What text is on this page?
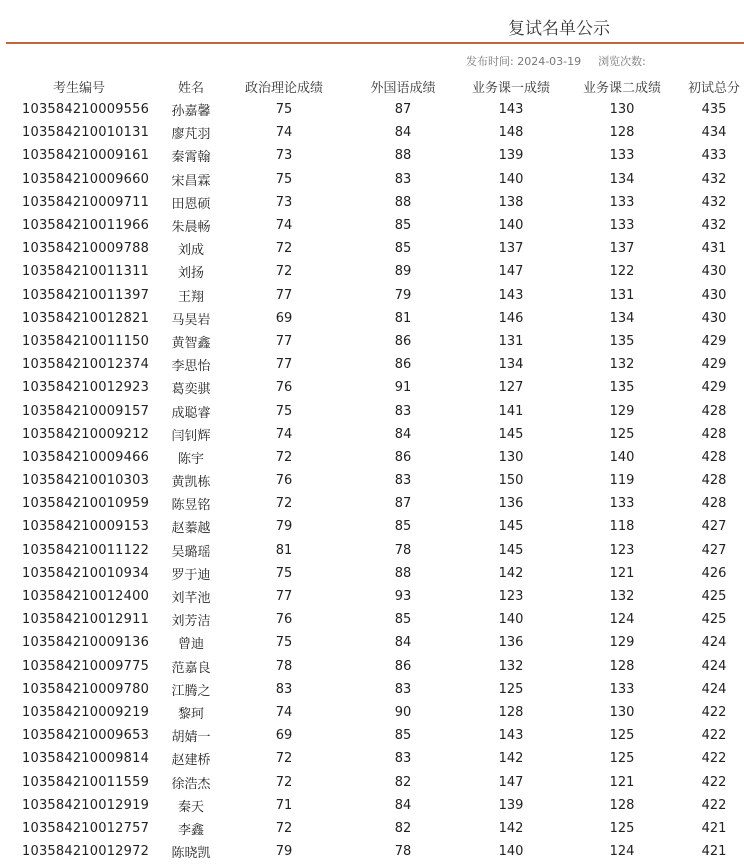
复试名单公示
发布时间: 2024-03-19 浏览次数:
考生编号	姓名	政治理论成绩	外国语成绩	业务课一成绩	业务课二成绩	初试总分
103584210009556	孙嘉馨	75	87	143	130	435
103584210010131	廖芃羽	74	84	148	128	434
103584210009161	秦霄翰	73	88	139	133	433
103584210009660	宋昌霖	75	83	140	134	432
103584210009711	田恩硕	73	88	138	133	432
103584210011966	朱晨畅	74	85	140	133	432
103584210009788	刘成	72	85	137	137	431
103584210011311	刘扬	72	89	147	122	430
103584210011397	王翔	77	79	143	131	430
103584210012821	马昊岩	69	81	146	134	430
103584210011150	黄智鑫	77	86	131	135	429
103584210012374	李思怡	77	86	134	132	429
103584210012923	葛奕骐	76	91	127	135	429
103584210009157	成聪睿	75	83	141	129	428
103584210009212	闫钊辉	74	84	145	125	428
103584210009466	陈宇	72	86	130	140	428
103584210010303	黄凯栋	76	83	150	119	428
103584210010959	陈昱铭	72	87	136	133	428
103584210009153	赵蓁越	79	85	145	118	427
103584210011122	吴璐瑶	81	78	145	123	427
103584210010934	罗于迪	75	88	142	121	426
103584210012400	刘芊池	77	93	123	132	425
103584210012911	刘芳洁	76	85	140	124	425
103584210009136	曾迪	75	84	136	129	424
103584210009775	范嘉良	78	86	132	128	424
103584210009780	江腾之	83	83	125	133	424
103584210009219	黎珂	74	90	128	130	422
103584210009653	胡婧一	69	85	143	125	422
103584210009814	赵建桥	72	83	142	125	422
103584210011559	徐浩杰	72	82	147	121	422
103584210012919	秦天	71	84	139	128	422
103584210012757	李鑫	72	82	142	125	421
103584210012972	陈晓凯	79	78	140	124	421
